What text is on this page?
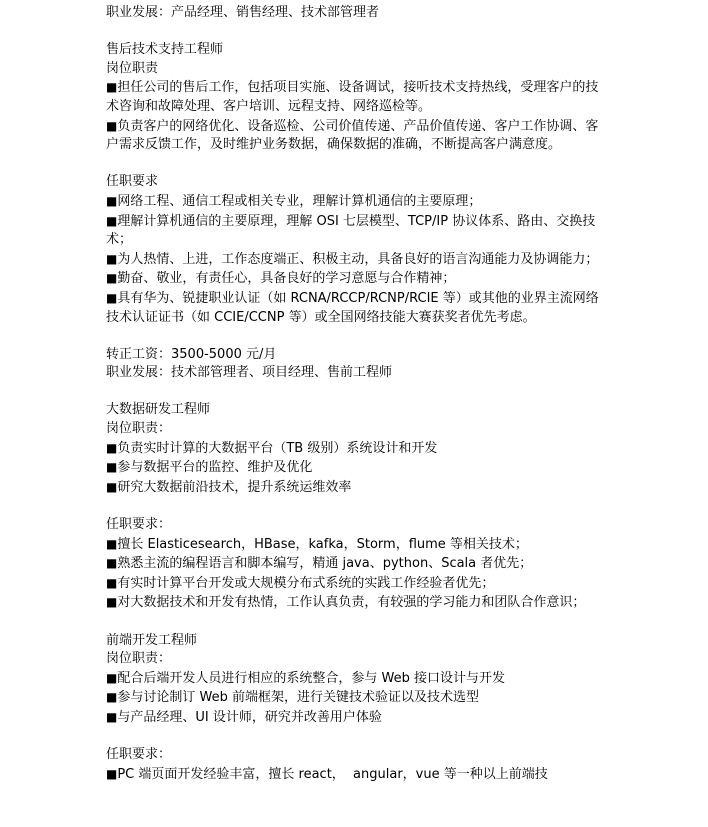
职业发展：产品经理、销售经理、技术部管理者
售后技术支持工程师
岗位职责
■ 担任公司的售后工作，包括项目实施、设备调试，接听技术支持热线，受理客户的技术咨询和故障处理、客户培训、远程支持、网络巡检等。
■ 负责客户的网络优化、设备巡检、公司价值传递、产品价值传递、客户工作协调、客户需求反馈工作，及时维护业务数据，确保数据的准确，不断提高客户满意度。
任职要求
■ 网络工程、通信工程或相关专业，理解计算机通信的主要原理；
■ 理解计算机通信的主要原理，理解 OSI 七层模型、TCP/IP 协议体系、路由、交换技术；
■ 为人热情、上进，工作态度端正、积极主动，具备良好的语言沟通能力及协调能力；
■ 勤奋、敬业，有责任心，具备良好的学习意愿与合作精神；
■ 具有华为、锐捷职业认证（如 RCNA/RCCP/RCNP/RCIE 等）或其他的业界主流网络技术认证证书（如 CCIE/CCNP 等）或全国网络技能大赛获奖者优先考虑。
转正工资：3500-5000 元/月
职业发展：技术部管理者、项目经理、售前工程师
大数据研发工程师
岗位职责：
■ 负责实时计算的大数据平台（TB 级别）系统设计和开发
■ 参与数据平台的监控、维护及优化
■ 研究大数据前沿技术，提升系统运维效率
任职要求：
■ 擅长 Elasticesearch，HBase，kafka，Storm，flume 等相关技术；
■ 熟悉主流的编程语言和脚本编写，精通 java、python、Scala 者优先；
■ 有实时计算平台开发或大规模分布式系统的实践工作经验者优先；
■ 对大数据技术和开发有热情，工作认真负责，有较强的学习能力和团队合作意识；
前端开发工程师
岗位职责：
■ 配合后端开发人员进行相应的系统整合，参与 Web 接口设计与开发
■ 参与讨论制订 Web 前端框架，进行关键技术验证以及技术选型
■ 与产品经理、UI 设计师，研究并改善用户体验
任职要求：
■ PC 端页面开发经验丰富，擅长 react，  angular，vue 等一种以上前端技
